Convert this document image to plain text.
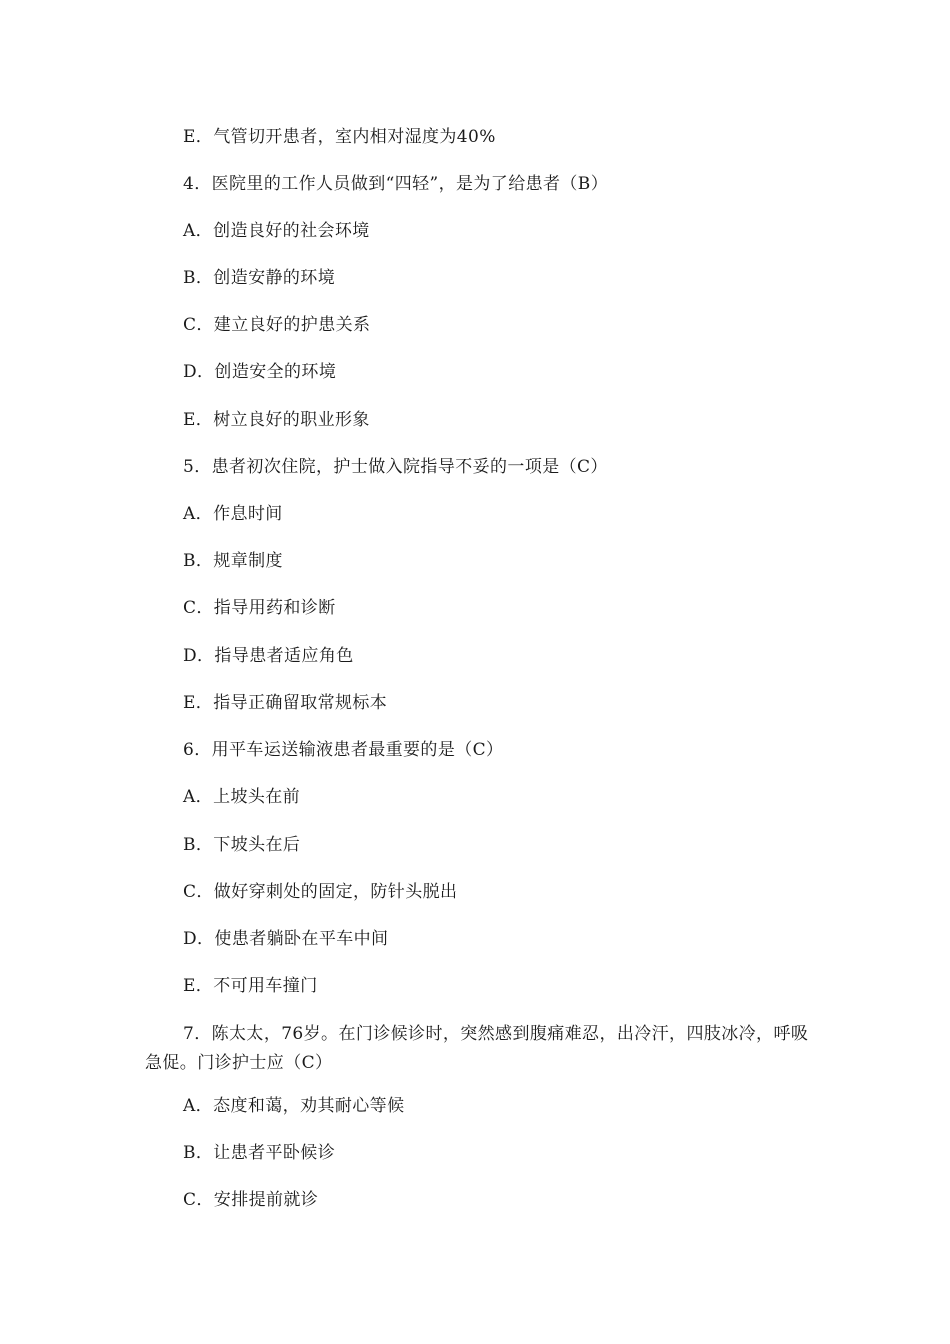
E．气管切开患者，室内相对湿度为40%
4．医院里的工作人员做到“四轻”，是为了给患者（B）
A．创造良好的社会环境
B．创造安静的环境
C．建立良好的护患关系
D．创造安全的环境
E．树立良好的职业形象
5．患者初次住院，护士做入院指导不妥的一项是（C）
A．作息时间
B．规章制度
C．指导用药和诊断
D．指导患者适应角色
E．指导正确留取常规标本
6．用平车运送输液患者最重要的是（C）
A．上坡头在前
B．下坡头在后
C．做好穿刺处的固定，防针头脱出
D．使患者躺卧在平车中间
E．不可用车撞门
7．陈太太，76岁。在门诊候诊时，突然感到腹痛难忍，出冷汗，四肢冰冷，呼吸急促。门诊护士应（C）
A．态度和蔼，劝其耐心等候
B．让患者平卧候诊
C．安排提前就诊
